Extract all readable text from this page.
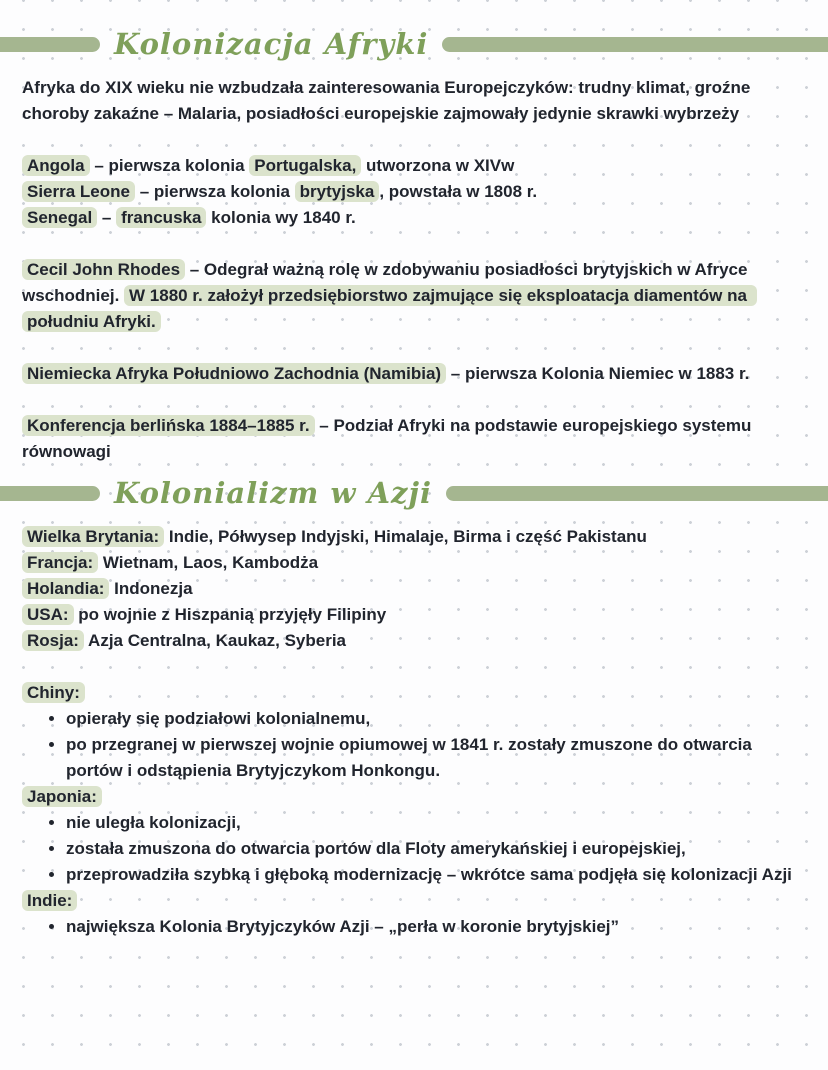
Kolonizacja Afryki
Afryka do XIX wieku nie wzbudzała zainteresowania Europejczyków: trudny klimat, groźne choroby zakaźne – Malaria, posiadłości europejskie zajmowały jedynie skrawki wybrzeży
Angola – pierwsza kolonia Portugalska, utworzona w XIVw
Sierra Leone – pierwsza kolonia brytyjska , powstała w 1808 r.
Senegal – francuska kolonia wy 1840 r.
Cecil John Rhodes – Odegrał ważną rolę w zdobywaniu posiadłości brytyjskich w Afryce wschodniej. W 1880 r. założył przedsiębiorstwo zajmujące się eksploatacja diamentów na południu Afryki.
Niemiecka Afryka Południowo Zachodnia (Namibia) – pierwsza Kolonia Niemiec w 1883 r.
Konferencja berlińska 1884–1885 r. – Podział Afryki na podstawie europejskiego systemu równowagi
Kolonializm w Azji
Wielka Brytania: Indie, Półwysep Indyjski, Himalaje, Birma i część Pakistanu
Francja: Wietnam, Laos, Kambodża
Holandia: Indonezja
USA: po wojnie z Hiszpanią przyjęły Filipiny
Rosja: Azja Centralna, Kaukaz, Syberia
Chiny:
• opierały się podziałowi kolonialnemu,
• po przegranej w pierwszej wojnie opiumowej w 1841 r. zostały zmuszone do otwarcia portów i odstąpienia Brytyjczykom Honkongu.
Japonia:
• nie uległa kolonizacji,
• została zmuszona do otwarcia portów dla Floty amerykańskiej i europejskiej,
• przeprowadziła szybką i głęboką modernizację – wkrótce sama podjęła się kolonizacji Azji
Indie:
• największa Kolonia Brytyjczyków Azji – „perła w koronie brytyjskiej”
